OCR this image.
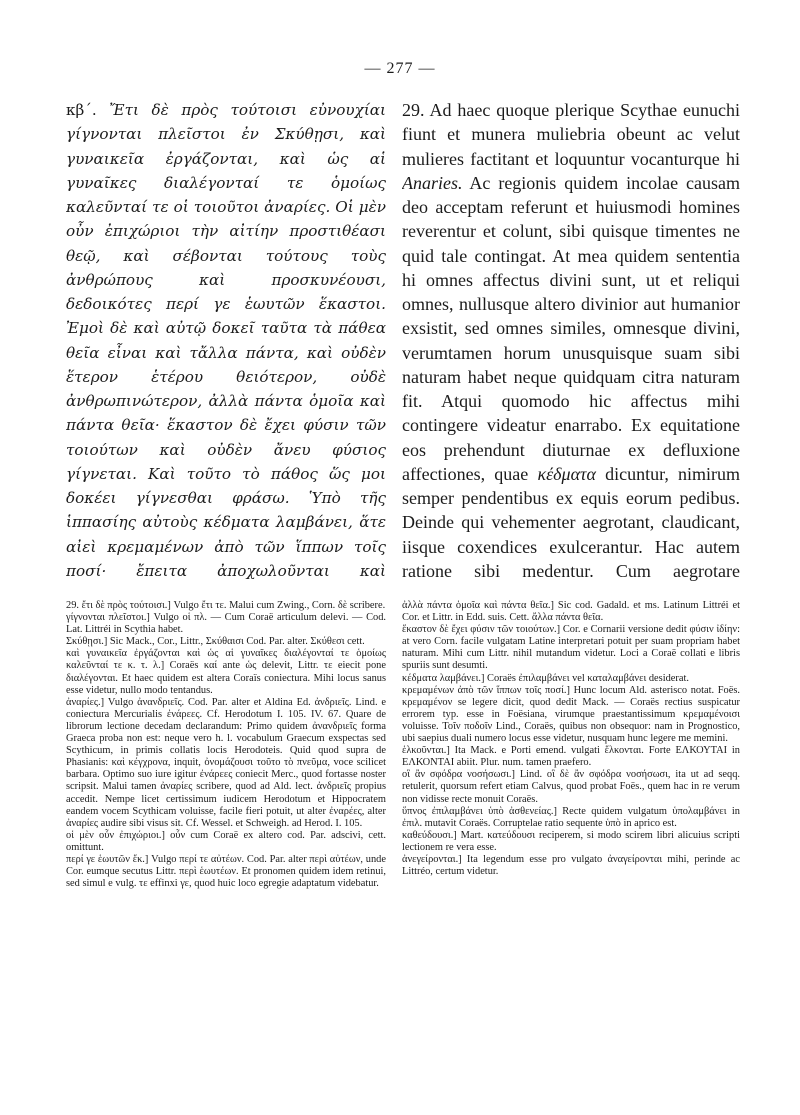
— 277 —

κβ΄. Ἔτι δὲ πρὸς τούτοισι εὐνουχίαι γίγνονται πλεῖστοι ἐν Σκύθῃσι, καὶ γυναικεῖα ἐργάζονται, καὶ ὡς αἱ γυναῖκες διαλέγονταί τε ὁμοίως καλεῦνταί τε οἱ τοιοῦτοι ἀναρίες. Οἱ μὲν οὖν ἐπιχώριοι τὴν αἰτίην προστιθέασι θεῷ, καὶ σέβονται τούτους τοὺς ἀνθρώπους καὶ προσκυνέουσι, δεδοικότες περί γε ἑωυτῶν ἕκαστοι. Ἐμοὶ δὲ καὶ αὐτῷ δοκεῖ ταῦτα τὰ πάθεα θεῖα εἶναι καὶ τἄλλα πάντα, καὶ οὐδὲν ἕτερον ἑτέρου θειότερον, οὐδὲ ἀνθρωπινώτερον, ἀλλὰ πάντα ὁμοῖα καὶ πάντα θεῖα· ἕκαστον δὲ ἔχει φύσιν τῶν τοιούτων καὶ οὐδὲν ἄνευ φύσιος γίγνεται. Καὶ τοῦτο τὸ πάθος ὥς μοι δοκέει γίγνεσθαι φράσω. Ὑπὸ τῆς ἱππασίης αὐτοὺς κέδματα λαμβάνει, ἅτε αἰεὶ κρεμαμένων ἀπὸ τῶν ἵππων τοῖς ποσί· ἔπειτα ἀποχωλοῦνται καὶ

29. Ad haec quoque plerique Scythae eunuchi fiunt et munera muliebria obeunt ac velut mulieres factitant et loquuntur vocanturque hi Anaries. Ac regionis quidem incolae causam deo acceptam referunt et huiusmodi homines reverentur et colunt, sibi quisque timentes ne quid tale contingat. At mea quidem sententia hi omnes affectus divini sunt, ut et reliqui omnes, nullusque altero divinior aut humanior exsistit, sed omnes similes, omnesque divini, verumtamen horum unusquisque suam sibi naturam habet neque quidquam citra naturam fit. Atqui quomodo hic affectus mihi contingere videatur enarrabo. Ex equitatione eos prehendunt diuturnae ex defluxione affectiones, quae κέδματα dicuntur, nimirum semper pendentibus ex equis eorum pedibus. Deinde qui vehementer aegrotant, claudicant, iisque coxendices exulcerantur. Hac autem ratione sibi medentur. Cum aegrotare

29. ἔτι δὲ πρὸς τούτοισι.] Vulgo ἔτι τε. Malui cum Zwing., Corn. δὲ scribere.

γίγνονται πλεῖστοι.] Vulgo οἱ πλ. — Cum Coraë articulum delevi. — Cod. Lat. Littréi in Scythia habet.

Σκύθῃσι.] Sic Mack., Cor., Littr., Σκύθαισι Cod. Par. alter. Σκύθεσι cett.

καὶ γυναικεῖα ἐργάζονται καὶ ὡς αἱ γυναῖκες διαλέγονταί τε ὁμοίως καλεῦνταί τε κ. τ. λ.] Coraës καί ante ὡς delevit, Littr. τε eiecit pone διαλέγονται. Et haec quidem est altera Coraïs coniectura. Mihi locus sanus esse videtur, nullo modo tentandus.

ἀναρίες.] Vulgo ἀνανδριεῖς. Cod. Par. alter et Aldina Ed. ἀνδριεῖς. Lind. e coniectura Mercurialis ἐνάρεες. Cf. Herodotum I. 105. IV. 67. Quare de librorum lectione decedam declarandum: Primo quidem ἀνανδριεῖς forma Graeca proba non est: neque vero h. l. vocabulum Graecum exspectas sed Scythicum, in primis collatis locis Herodoteis. Quid quod supra de Phasianis: καὶ κέγχρονα, inquit, ὀνομάζουσι τοῦτο τὸ πνεῦμα, voce scilicet barbara. Optimo suo iure igitur ἐνάρεες coniecit Merc., quod fortasse noster scripsit. Malui tamen ἀναρίες scribere, quod ad Ald. lect. ἀνδριεῖς propius accedit. Nempe licet certissimum iudicem Herodotum et Hippocratem eandem vocem Scythicam voluisse, facile fieri potuit, ut alter ἐναρέες, alter ἀναρίες audire sibi visus sit. Cf. Wessel. et Schweigh. ad Herod. I. 105.

οἱ μὲν οὖν ἐπιχώριοι.] οὖν cum Coraë ex altero cod. Par. adscivi, cett. omittunt.

περί γε ἑωυτῶν ἕκ.] Vulgo περί τε αὐτέων. Cod. Par. alter περὶ αὐτέων, unde Cor. eumque secutus Littr. περὶ ἑωυτέων. Et pronomen quidem idem retinui, sed simul e vulg. τε effinxi γε, quod huic loco egregie adaptatum videbatur.

ἀλλὰ πάντα ὁμοῖα καὶ πάντα θεῖα.] Sic cod. Gadald. et ms. Latinum Littréi et Cor. et Littr. in Edd. suis. Cett. ἄλλα πάντα θεῖα.

ἕκαστον δὲ ἔχει φύσιν τῶν τοιούτων.] Cor. e Cornarii versione dedit φύσιν ἰδίην: at vero Corn. facile vulgatam Latine interpretari potuit per suam propriam habet naturam. Mihi cum Littr. nihil mutandum videtur. Loci a Coraë collati e libris spuriis sunt desumti.

κέδματα λαμβάνει.] Coraës ἐπιλαμβάνει vel καταλαμβάνει desiderat.

κρεμαμένων ἀπὸ τῶν ἵππων τοῖς ποσί.] Hunc locum Ald. asterisco notat. Foës. κρεμαμένον se legere dicit, quod dedit Mack. — Coraës rectius suspicatur errorem typ. esse in Foësiana, virumque praestantissimum κρεμαμένοισι voluisse. Τοῖν ποδοῖν Lind., Coraës, quibus non obsequor: nam in Prognostico, ubi saepius duali numero locus esse videtur, nusquam hunc legere me memini.

ἑλκοῦνται.] Ita Mack. e Porti emend. vulgati ἕλκονται. Forte ΕΛΚΟΥΤΑΙ in ΕΛΚΟΝΤΑΙ abiit. Plur. num. tamen praefero.

οἳ ἂν σφόδρα νοσήσωσι.] Lind. οἳ δὲ ἂν σφόδρα νοσήσωσι, ita ut ad seqq. retulerit, quorsum refert etiam Calvus, quod probat Foës., quem hac in re verum non vidisse recte monuit Coraës.

ὕπνος ἐπιλαμβάνει ὑπὸ ἀσθενείας.] Recte quidem vulgatum ὑπολαμβάνει in ἐπιλ. mutavit Coraës. Corruptelae ratio sequente ὑπὸ in aprico est.

καθεύδουσι.] Mart. κατεύδουσι reciperem, si modo scirem libri alicuius scripti lectionem re vera esse.

ἀνεγείρονται.] Ita legendum esse pro vulgato ἀναγείρονται mihi, perinde ac Littréo, certum videtur.
